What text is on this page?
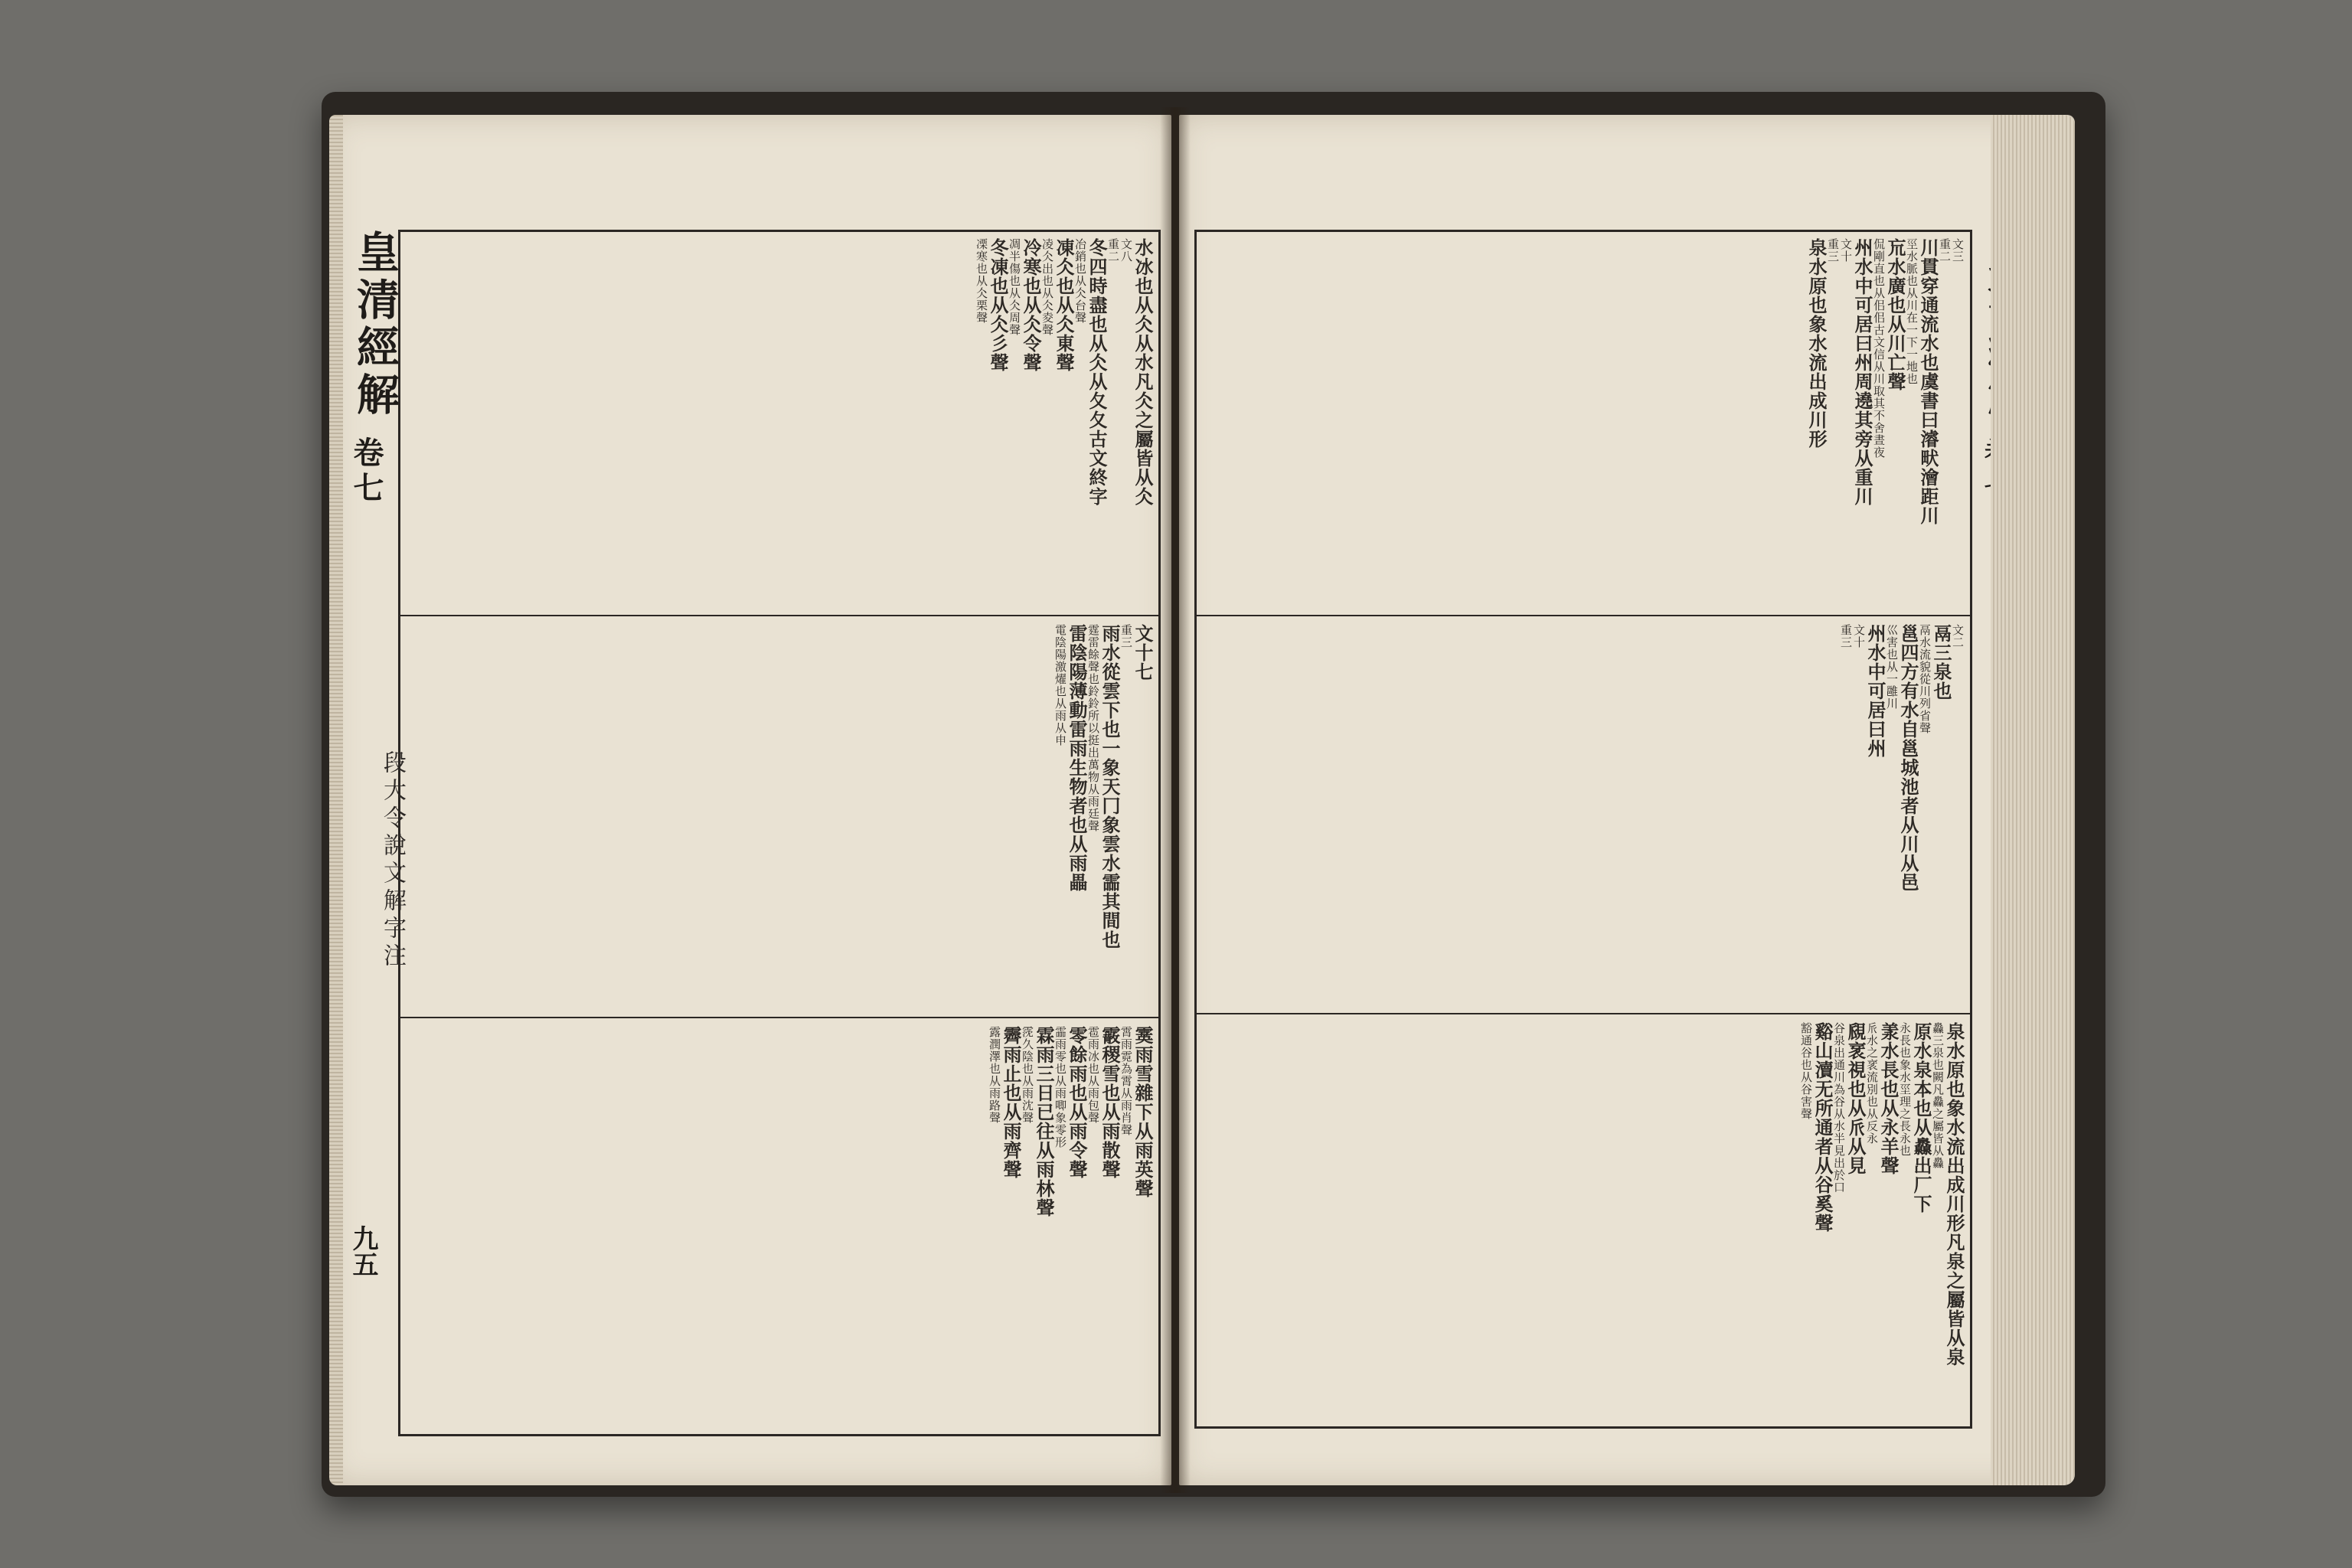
皇清經解
卷七
段大令說文解字注
九五
水冰也从仌从水凡仌之屬皆从仌
文八
重二
冬四時盡也从仌从夂夂古文終字
冶銷也从仌台聲
凍仌也从仌東聲
凌仌出也从仌夌聲
冷寒也从仌令聲
凋半傷也从仌周聲
冬凍也从仌彡聲
凓寒也从仌栗聲
文十七
重三
雨水從雲下也一象天冂象雲水霝其間也
霆雷餘聲也鈴鈴所以挺出萬物从雨廷聲
雷陰陽薄動雷雨生物者也从雨畾
電陰陽激燿也从雨从申
霙雨雪雜下从雨英聲
霄雨霓為霄从雨肖聲
霰稷雪也从雨散聲
雹雨冰也从雨包聲
零餘雨也从雨令聲
霝雨零也从雨唧象零形
霖雨三日已往从雨林聲
霃久陰也从雨沈聲
霽雨止也从雨齊聲
露潤澤也从雨路聲
文三
重二
川貫穿通流水也虞書曰濬畎澮距川
巠水脈也从川在一下一地也
巟水廣也从川亡聲
侃剛直也从佀佀古文信从川取其不舍晝夜
州水中可居曰州周遶其旁从重川
文十
重三
泉水原也象水流出成川形
文二
鬲三泉也
鬲水流貌從川列省聲
邕四方有水自邕城池者从川从邑
巛害也从一雝川
州水中可居曰州
文十
重三
泉水原也象水流出成川形凡泉之屬皆从泉
灥三泉也闕凡灥之屬皆从灥
原水泉本也从灥出厂下
永長也象水坙理之長永也
羕水長也从永羊聲
𠂢水之衺流別也从反永
覛衺視也从𠂢从見
谷泉出通川為谷从水半見出於口
谿山瀆无所通者从谷奚聲
豁通谷也从谷害聲
